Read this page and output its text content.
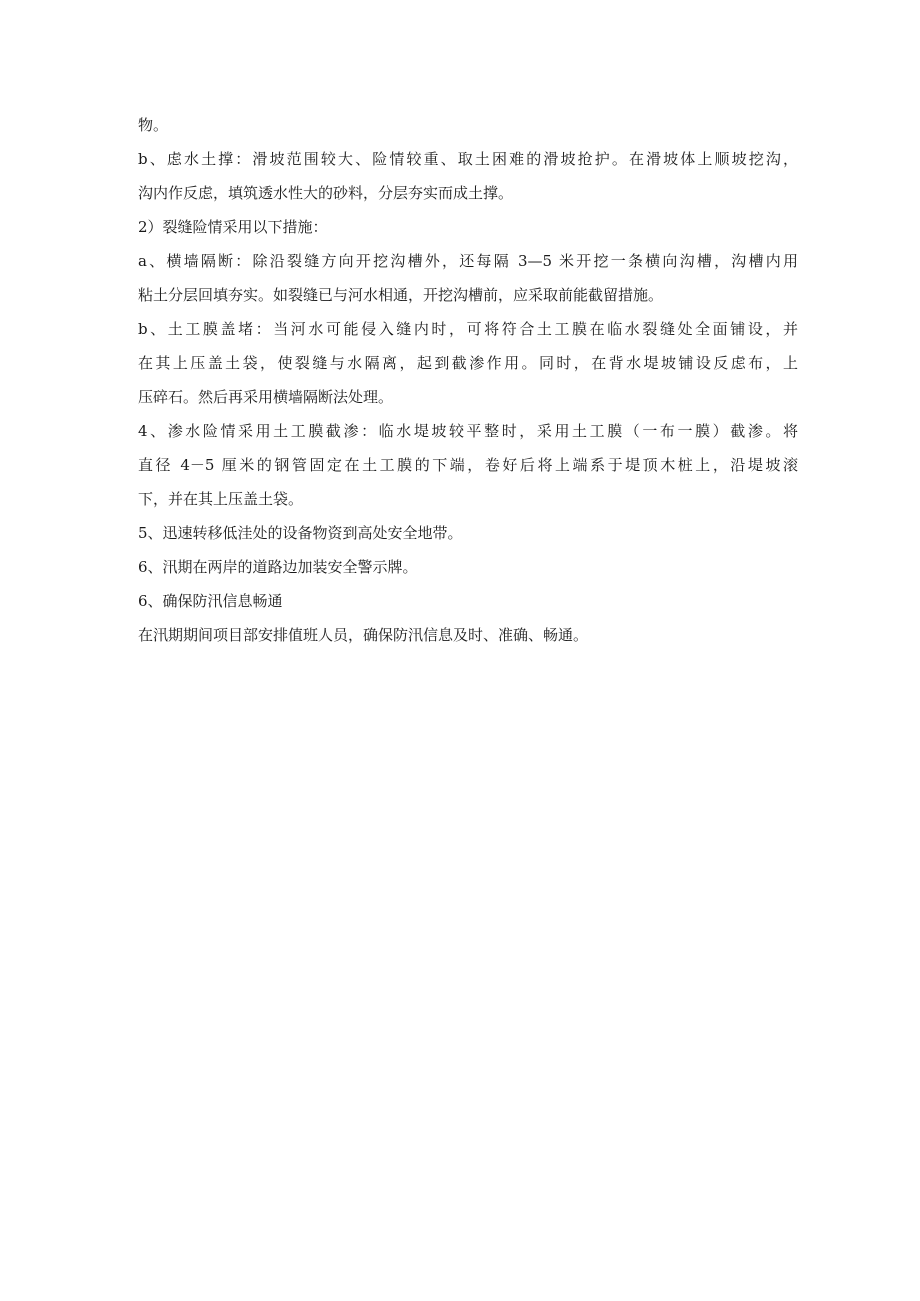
物。
b、虑水土撑：滑坡范围较大、险情较重、取土困难的滑坡抢护。在滑坡体上顺坡挖沟，
沟内作反虑，填筑透水性大的砂料，分层夯实而成土撑。
2）裂缝险情采用以下措施：
a、横墙隔断：除沿裂缝方向开挖沟槽外，还每隔 3—5 米开挖一条横向沟槽，沟槽内用
粘土分层回填夯实。如裂缝已与河水相通，开挖沟槽前，应采取前能截留措施。
b、土工膜盖堵：当河水可能侵入缝内时，可将符合土工膜在临水裂缝处全面铺设，并
在其上压盖土袋，使裂缝与水隔离，起到截渗作用。同时，在背水堤坡铺设反虑布，上
压碎石。然后再采用横墙隔断法处理。
4、渗水险情采用土工膜截渗：临水堤坡较平整时，采用土工膜（一布一膜）截渗。将
直径 4－5 厘米的钢管固定在土工膜的下端，卷好后将上端系于堤顶木桩上，沿堤坡滚
下，并在其上压盖土袋。
5、迅速转移低洼处的设备物资到高处安全地带。
6、汛期在两岸的道路边加装安全警示牌。
6、确保防汛信息畅通
在汛期期间项目部安排值班人员，确保防汛信息及时、准确、畅通。
